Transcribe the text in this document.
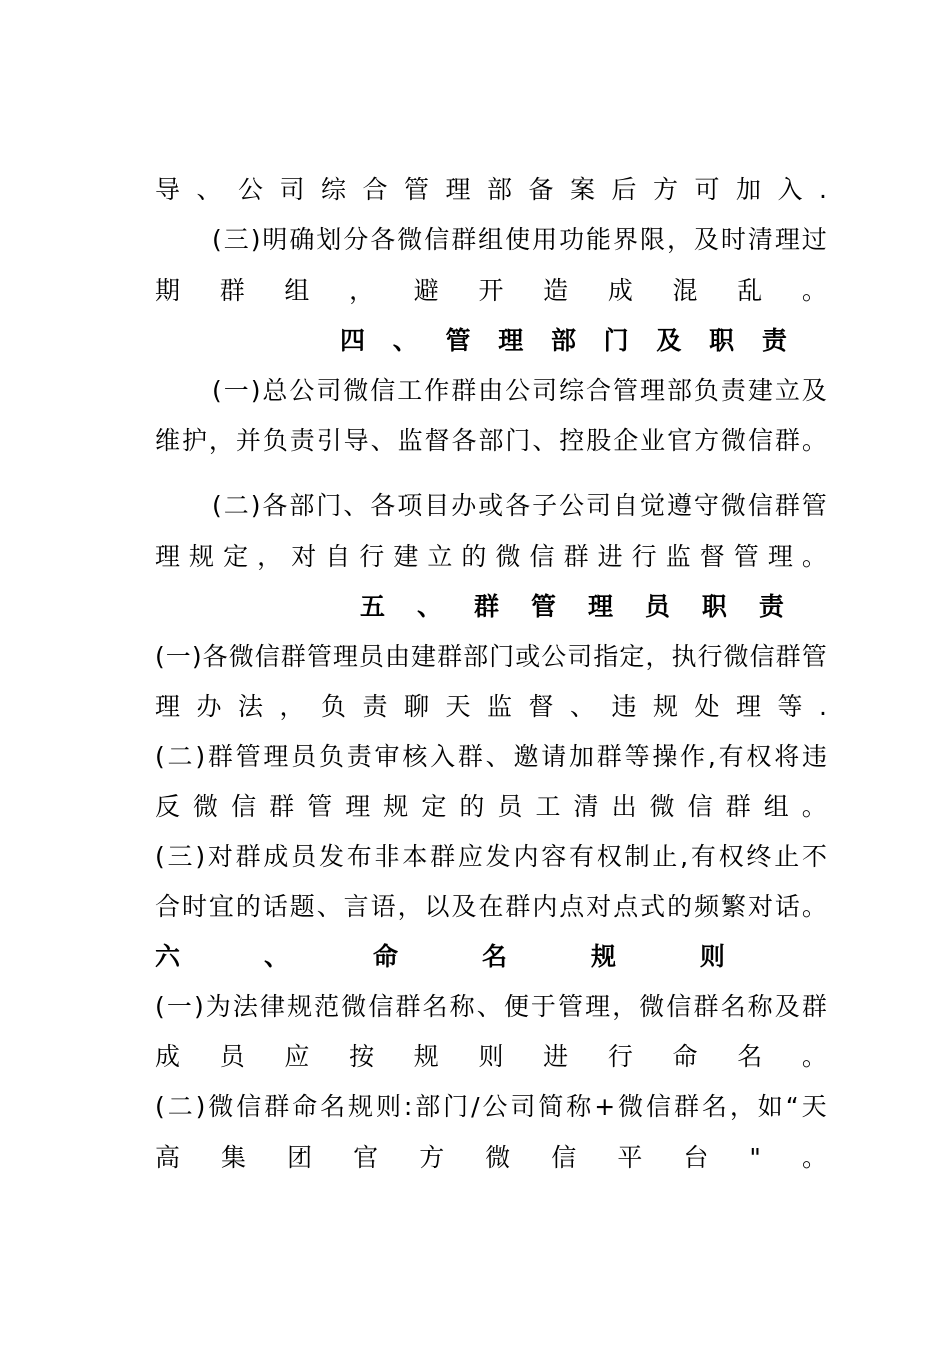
导 、 公 司 综 合 管 理 部 备 案 后 方 可 加 入 .
( 三 ) 明 确 划 分 各 微 信 群 组 使 用 功 能 界 限 ， 及 时 清 理 过
期 群 组 ， 避 开 造 成 混 乱 。
四 、 管 理 部 门 及 职 责
( 一 ) 总 公 司 微 信 工 作 群 由 公 司 综 合 管 理 部 负 责 建 立 及
维 护 ， 并 负 责 引 导 、 监 督 各 部 门 、 控 股 企 业 官 方 微 信 群 。
( 二 ) 各 部 门 、 各 项 目 办 或 各 子 公 司 自 觉 遵 守 微 信 群 管
理 规 定 ， 对 自 行 建 立 的 微 信 群 进 行 监 督 管 理 。
五 、 群 管 理 员 职 责
( 一 ) 各 微 信 群 管 理 员 由 建 群 部 门 或 公 司 指 定 ， 执 行 微 信 群 管
理 办 法 ， 负 责 聊 天 监 督 、 违 规 处 理 等 .
( 二 ) 群 管 理 员 负 责 审 核 入 群 、 邀 请 加 群 等 操 作 , 有 权 将 违
反 微 信 群 管 理 规 定 的 员 工 清 出 微 信 群 组 。
( 三 ) 对 群 成 员 发 布 非 本 群 应 发 内 容 有 权 制 止 , 有 权 终 止 不
合 时 宜 的 话 题 、 言 语 ， 以 及 在 群 内 点 对 点 式 的 频 繁 对 话 。
六	、	命	名	规	则
( 一 ) 为 法 律 规 范 微 信 群 名 称 、 便 于 管 理 ， 微 信 群 名 称 及 群
成 员 应 按 规 则 进 行 命 名 。
( 二 ) 微 信 群 命 名 规 则 : 部 门 / 公 司 简 称 + 微 信 群 名 ， 如 “ 天
高 集 团 官 方 微 信 平 台 " 。
